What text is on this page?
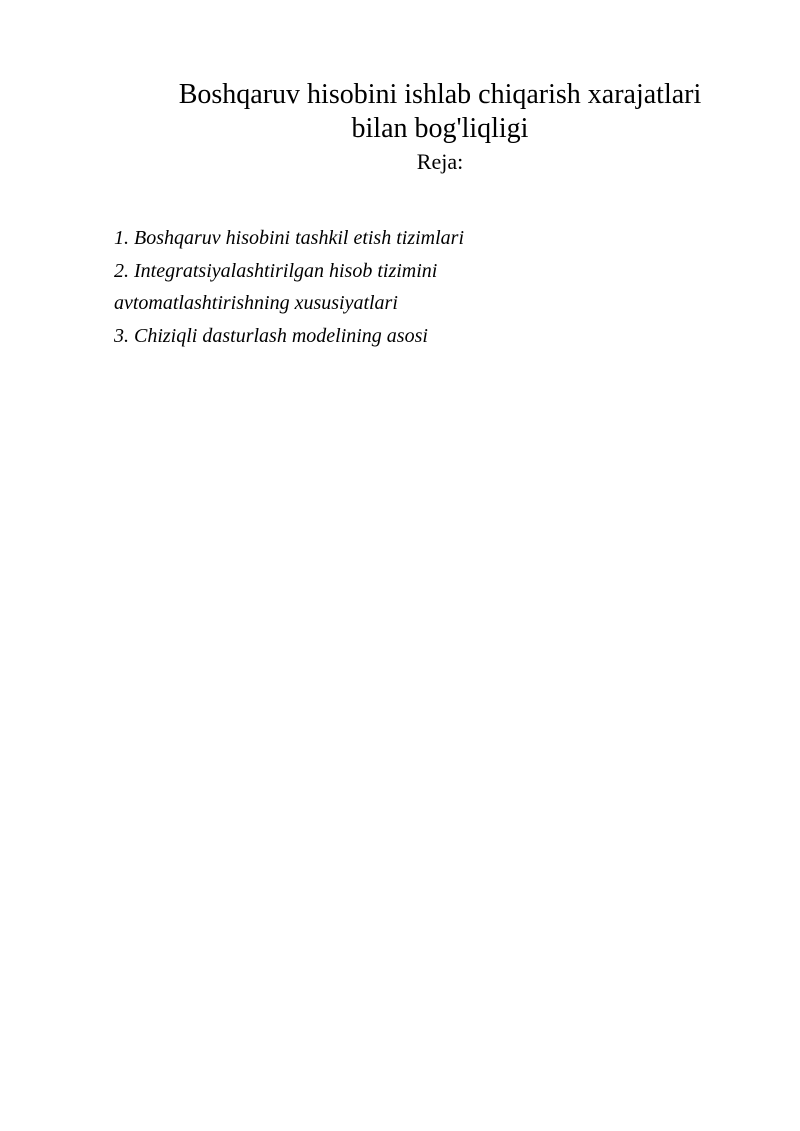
Boshqaruv hisobini ishlab chiqarish xarajatlari bilan bog'liqligi

Reja:

1. Boshqaruv hisobini tashkil etish tizimlari
2. Integratsiyalashtirilgan hisob tizimini avtomatlashtirishning xususiyatlari
3. Chiziqli dasturlash modelining asosi
